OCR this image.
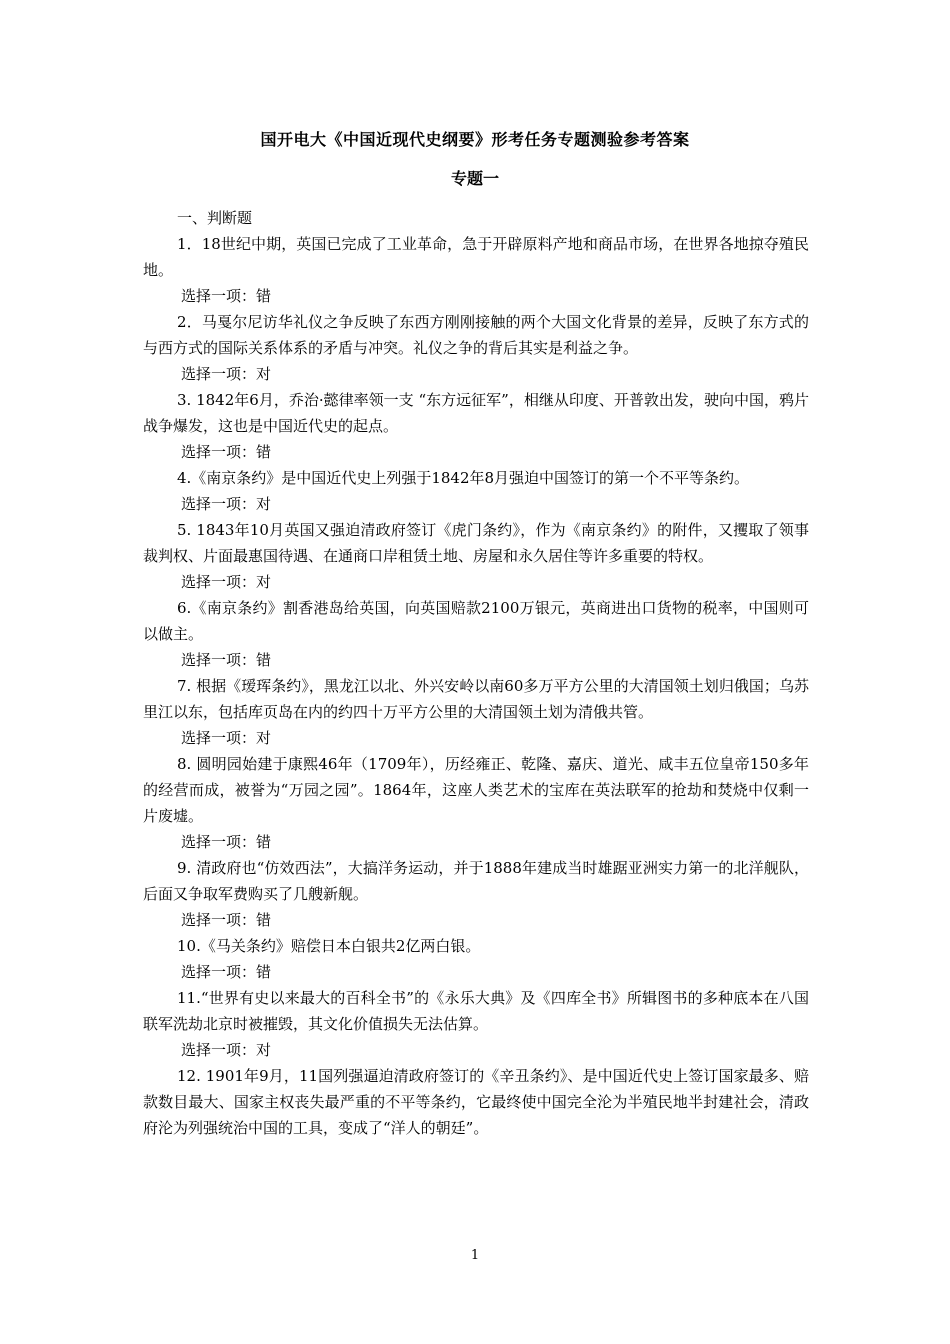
国开电大《中国近现代史纲要》形考任务专题测验参考答案
专题一

一、判断题

1．18世纪中期，英国已完成了工业革命，急于开辟原料产地和商品市场，在世界各地掠夺殖民地。

选择一项：错

2．马戛尔尼访华礼仪之争反映了东西方刚刚接触的两个大国文化背景的差异，反映了东方式的与西方式的国际关系体系的矛盾与冲突。礼仪之争的背后其实是利益之争。

选择一项：对

3. 1842年6月，乔治·懿律率领一支 “东方远征军”，相继从印度、开普敦出发，驶向中国，鸦片战争爆发，这也是中国近代史的起点。

选择一项：错

4.《南京条约》是中国近代史上列强于1842年8月强迫中国签订的第一个不平等条约。

选择一项：对

5. 1843年10月英国又强迫清政府签订《虎门条约》，作为《南京条约》的附件，又攫取了领事裁判权、片面最惠国待遇、在通商口岸租赁土地、房屋和永久居住等许多重要的特权。

选择一项：对

6.《南京条约》割香港岛给英国，向英国赔款2100万银元，英商进出口货物的税率，中国则可以做主。

选择一项：错

7. 根据《瑷珲条约》，黑龙江以北、外兴安岭以南60多万平方公里的大清国领土划归俄国；乌苏里江以东，包括库页岛在内的约四十万平方公里的大清国领土划为清俄共管。

选择一项：对

8. 圆明园始建于康熙46年（1709年），历经雍正、乾隆、嘉庆、道光、咸丰五位皇帝150多年的经营而成，被誉为“万园之园”。1864年，这座人类艺术的宝库在英法联军的抢劫和焚烧中仅剩一片废墟。

选择一项：错

9. 清政府也“仿效西法”，大搞洋务运动，并于1888年建成当时雄踞亚洲实力第一的北洋舰队，后面又争取军费购买了几艘新舰。

选择一项：错

10.《马关条约》赔偿日本白银共2亿两白银。

选择一项：错

11.“世界有史以来最大的百科全书”的《永乐大典》及《四库全书》所辑图书的多种底本在八国联军洗劫北京时被摧毁，其文化价值损失无法估算。

选择一项：对

12. 1901年9月，11国列强逼迫清政府签订的《辛丑条约》、是中国近代史上签订国家最多、赔款数目最大、国家主权丧失最严重的不平等条约，它最终使中国完全沦为半殖民地半封建社会，清政府沦为列强统治中国的工具，变成了“洋人的朝廷”。

1
